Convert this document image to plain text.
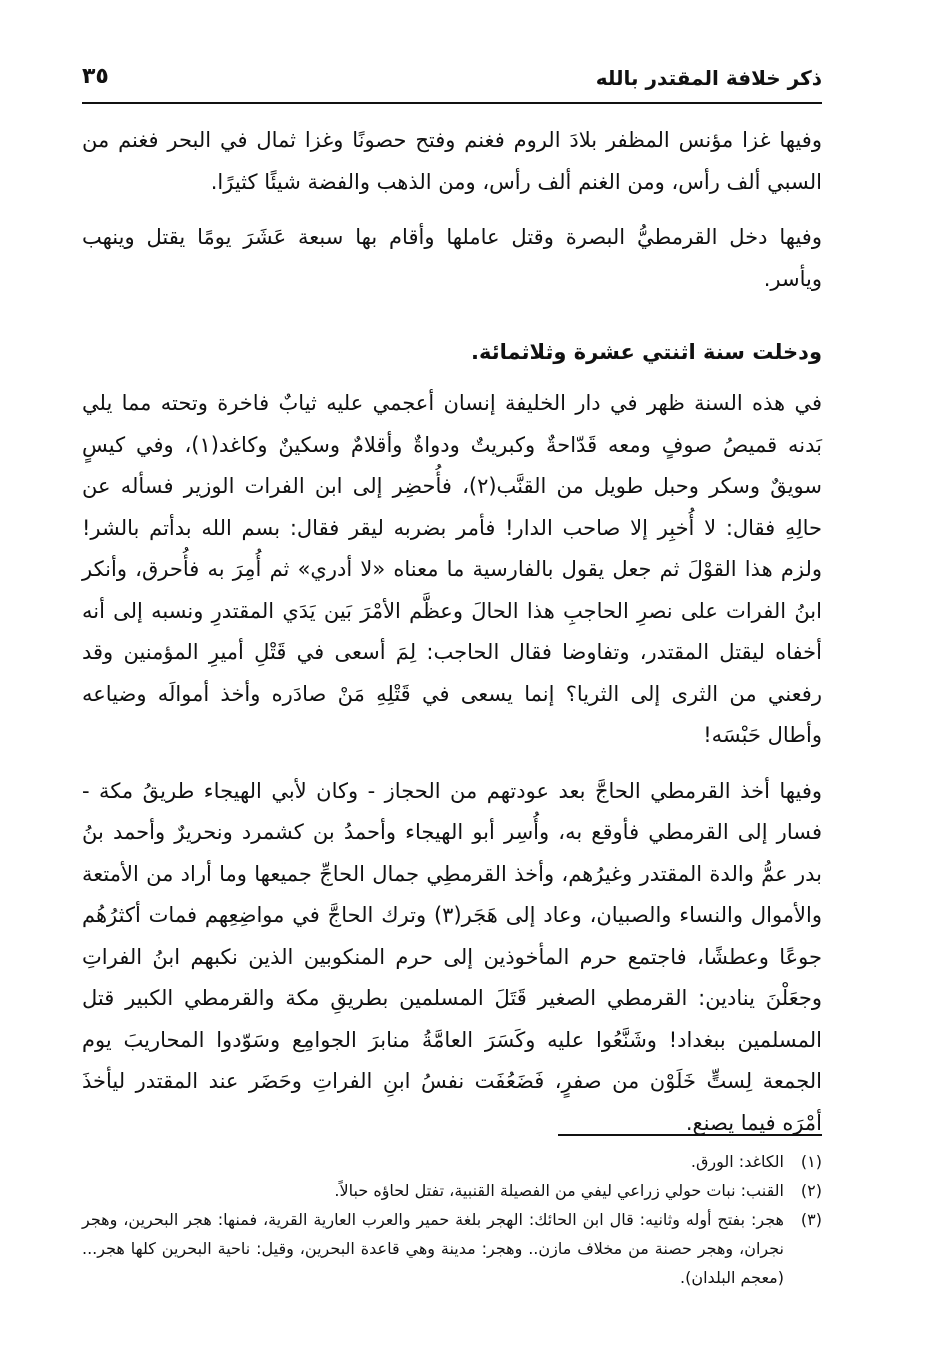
ذكر خلافة المقتدر بالله
٣٥

وفيها غزا مؤنس المظفر بلادَ الروم فغنم وفتح حصونًا وغزا ثمال في البحر فغنم من السبي ألف رأس، ومن الغنم ألف رأس، ومن الذهب والفضة شيئًا كثيرًا.

وفيها دخل القرمطيُّ البصرة وقتل عاملها وأقام بها سبعة عَشَرَ يومًا يقتل وينهب ويأسر.

ودخلت سنة اثنتي عشرة وثلاثمائة.

في هذه السنة ظهر في دار الخليفة إنسان أعجمي عليه ثيابٌ فاخرة وتحته مما يلي بَدنه قميصُ صوفٍ ومعه قَدّاحةٌ وكبريتٌ ودواةٌ وأقلامٌ وسكينٌ وكاغد(١)، وفي كيسٍ سويقٌ وسكر وحبل طويل من القنَّب(٢)، فأُحضِر إلى ابن الفرات الوزير فسأله عن حالِهِ فقال: لا أُخبِر إلا صاحب الدار! فأمر بضربه ليقر فقال: بسم الله بدأتم بالشر! ولزم هذا القوْلَ ثم جعل يقول بالفارسية ما معناه «لا أدري» ثم أُمِرَ به فأُحرق، وأنكر ابنُ الفرات على نصرِ الحاجبِ هذا الحالَ وعظَّم الأمْرَ بَين يَدَي المقتدرِ ونسبه إلى أنه أخفاه ليقتل المقتدر، وتفاوضا فقال الحاجب: لِمَ أسعى في قَتْلِ أميرِ المؤمنين وقد رفعني من الثرى إلى الثريا؟ إنما يسعى في قَتْلِهِ مَنْ صادَره وأخذ أموالَه وضياعه وأطال حَبْسَه!

وفيها أخذ القرمطي الحاجَّ بعد عودتهم من الحجاز - وكان لأبي الهيجاء طريقُ مكة - فسار إلى القرمطي فأوقع به، وأُسِر أبو الهيجاء وأحمدُ بن كشمرد ونحريرٌ وأحمد بنُ بدر عمُّ والدة المقتدر وغيرُهم، وأخذ القرمطِي جمال الحاجِّ جميعها وما أراد من الأمتعة والأموال والنساء والصبيان، وعاد إلى هَجَر(٣) وترك الحاجَّ في مواضِعِهم فمات أكثرُهُم جوعًا وعطشًا، فاجتمع حرم المأخوذين إلى حرم المنكوبين الذين نكبهم ابنُ الفراتِ وجعَلْنَ ينادين: القرمطي الصغير قَتَلَ المسلمين بطريقِ مكة والقرمطي الكبير قتل المسلمين ببغداد! وشَنَّعُوا عليه وكَسَرَ العامَّةُ منابرَ الجوامِع وسَوّدوا المحاريبَ يوم الجمعة لِستٍّ خَلَوْن من صفرٍ، فَضَعُفَت نفسُ ابنِ الفراتِ وحَضَر عند المقتدر ليأخذَ أمْرَه فيما يصنع.

(١)
الكاغد: الورق.
(٢)
القنب: نبات حولي زراعي ليفي من الفصيلة القنبية، تفتل لحاؤه حبالاً.
(٣)
هجر: بفتح أوله وثانيه: قال ابن الحائك: الهجر بلغة حمير والعرب العارية القرية، فمنها: هجر البحرين، وهجر نجران، وهجر حصنة من مخلاف مازن.. وهجر: مدينة وهي قاعدة البحرين، وقيل: ناحية البحرين كلها هجر... (معجم البلدان).
